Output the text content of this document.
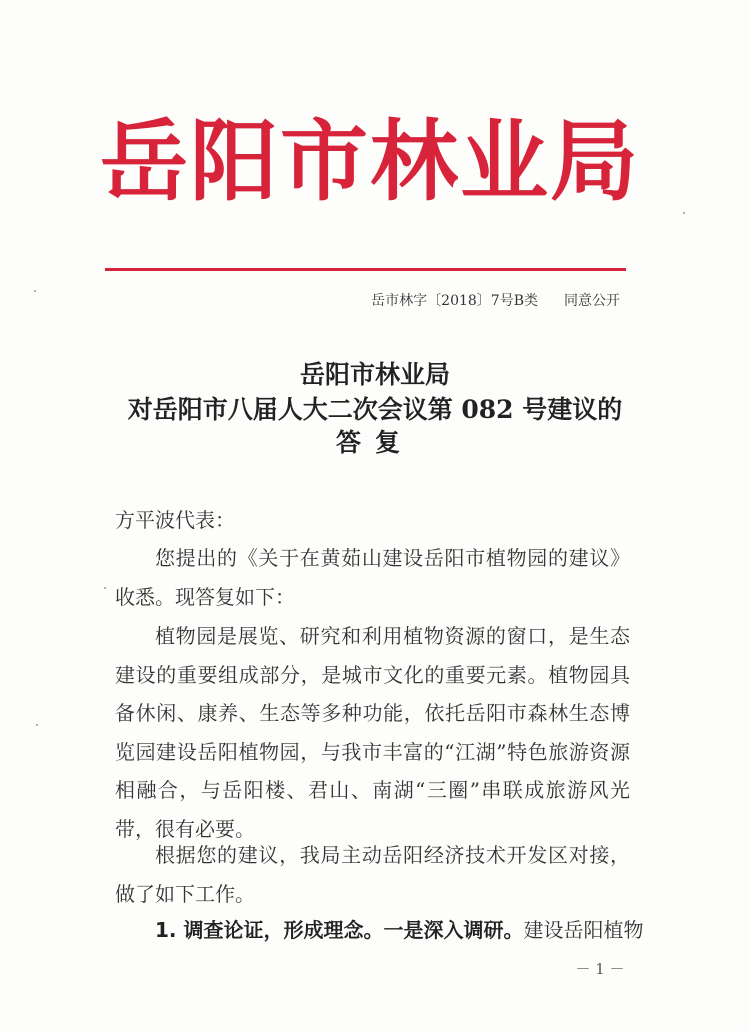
岳阳市林业局
岳市林字〔2018〕7号B类 同意公开
岳阳市林业局
对岳阳市八届人大二次会议第 082 号建议的
答复
方平波代表：
您提出的《关于在黄茹山建设岳阳市植物园的建议》收悉。现答复如下：
植物园是展览、研究和利用植物资源的窗口，是生态建设的重要组成部分，是城市文化的重要元素。植物园具备休闲、康养、生态等多种功能，依托岳阳市森林生态博览园建设岳阳植物园，与我市丰富的“江湖”特色旅游资源相融合，与岳阳楼、君山、南湖“三圈”串联成旅游风光带，很有必要。
根据您的建议，我局主动岳阳经济技术开发区对接，做了如下工作。
1. 调查论证，形成理念。一是深入调研。建设岳阳植物
－ 1 －
